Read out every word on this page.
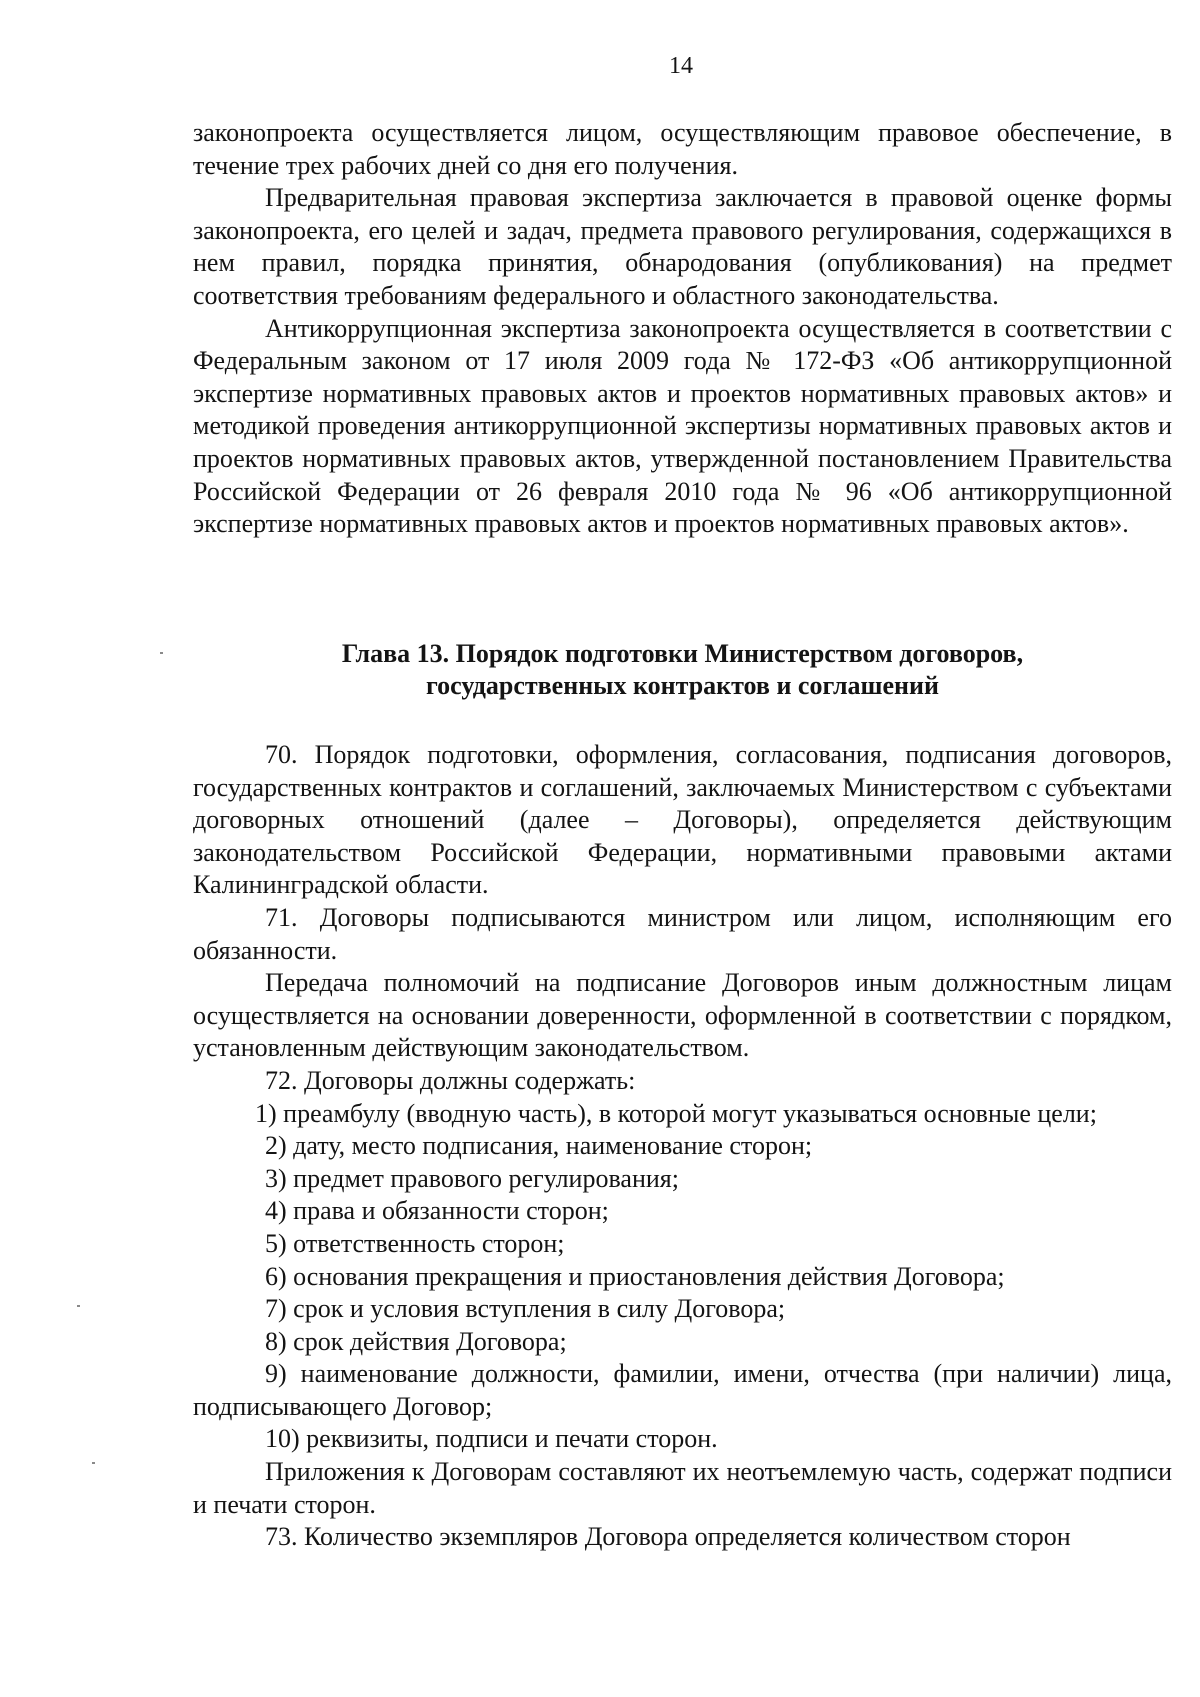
14

законопроекта осуществляется лицом, осуществляющим правовое обеспечение, в течение трех рабочих дней со дня его получения.

Предварительная правовая экспертиза заключается в правовой оценке формы законопроекта, его целей и задач, предмета правового регулирования, содержащихся в нем правил, порядка принятия, обнародования (опубликования) на предмет соответствия требованиям федерального и областного законодательства.

Антикоррупционная экспертиза законопроекта осуществляется в соответствии с Федеральным законом от 17 июля 2009 года № 172-ФЗ «Об антикоррупционной экспертизе нормативных правовых актов и проектов нормативных правовых актов» и методикой проведения антикоррупционной экспертизы нормативных правовых актов и проектов нормативных правовых актов, утвержденной постановлением Правительства Российской Федерации от 26 февраля 2010 года № 96 «Об антикоррупционной экспертизе нормативных правовых актов и проектов нормативных правовых актов».

Глава 13. Порядок подготовки Министерством договоров,
государственных контрактов и соглашений

70. Порядок подготовки, оформления, согласования, подписания договоров, государственных контрактов и соглашений, заключаемых Министерством с субъектами договорных отношений (далее – Договоры), определяется действующим законодательством Российской Федерации, нормативными правовыми актами Калининградской области.

71. Договоры подписываются министром или лицом, исполняющим его обязанности.

Передача полномочий на подписание Договоров иным должностным лицам осуществляется на основании доверенности, оформленной в соответствии с порядком, установленным действующим законодательством.

72. Договоры должны содержать:

1) преамбулу (вводную часть), в которой могут указываться основные цели;

2) дату, место подписания, наименование сторон;

3) предмет правового регулирования;

4) права и обязанности сторон;

5) ответственность сторон;

6) основания прекращения и приостановления действия Договора;

7) срок и условия вступления в силу Договора;

8) срок действия Договора;

9) наименование должности, фамилии, имени, отчества (при наличии) лица, подписывающего Договор;

10) реквизиты, подписи и печати сторон.

Приложения к Договорам составляют их неотъемлемую часть, содержат подписи и печати сторон.

73. Количество экземпляров Договора определяется количеством сторон
